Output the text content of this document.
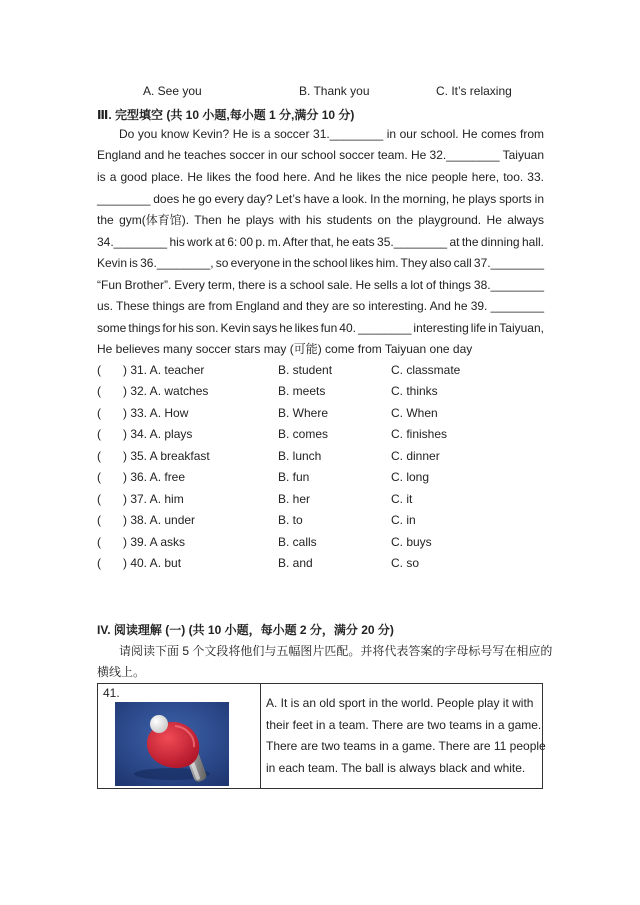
A. See you	B. Thank you	C. It’s relaxing
Ⅲ. 完型填空 (共 10 小题,每小题 1 分,满分 10 分)
Do you know Kevin? He is a soccer 31.________ in our school. He comes from
England and he teaches soccer in our school soccer team. He 32.________ Taiyuan
is a good place. He likes the food here. And he likes the nice people here, too. 33.
________ does he go every day? Let’s have a look. In the morning, he plays sports in
the gym(体育馆). Then he plays with his students on the playground. He always
34.________ his work at 6: 00 p. m. After that, he eats 35.________ at the dinning hall.
Kevin is 36.________, so everyone in the school likes him. They also call 37.________
“Fun Brother”. Every term, there is a school sale. He sells a lot of things 38.________
us. These things are from England and they are so interesting. And he 39. ________
some things for his son. Kevin says he likes fun 40. ________ interesting life in Taiyuan,
He believes many soccer stars may (可能) come from Taiyuan one day
( ) 31. A. teacher	B. student	C. classmate
( ) 32. A. watches	B. meets	C. thinks
( ) 33. A. How	B. Where	C. When
( ) 34. A. plays	B. comes	C. finishes
( ) 35. A breakfast	B. lunch	C. dinner
( ) 36. A. free	B. fun	C. long
( ) 37. A. him	B. her	C. it
( ) 38. A. under	B. to	C. in
( ) 39. A asks	B. calls	C. buys
( ) 40. A. but	B. and	C. so
IV. 阅读理解 (一) (共 10 小题，每小题 2 分，满分 20 分)
请阅读下面 5 个文段将他们与五幅图片匹配。并将代表答案的字母标号写在相应的
横线上。
41.
A. It is an old sport in the world. People play it with
their feet in a team. There are two teams in a game.
There are two teams in a game. There are 11 people
in each team. The ball is always black and white.
